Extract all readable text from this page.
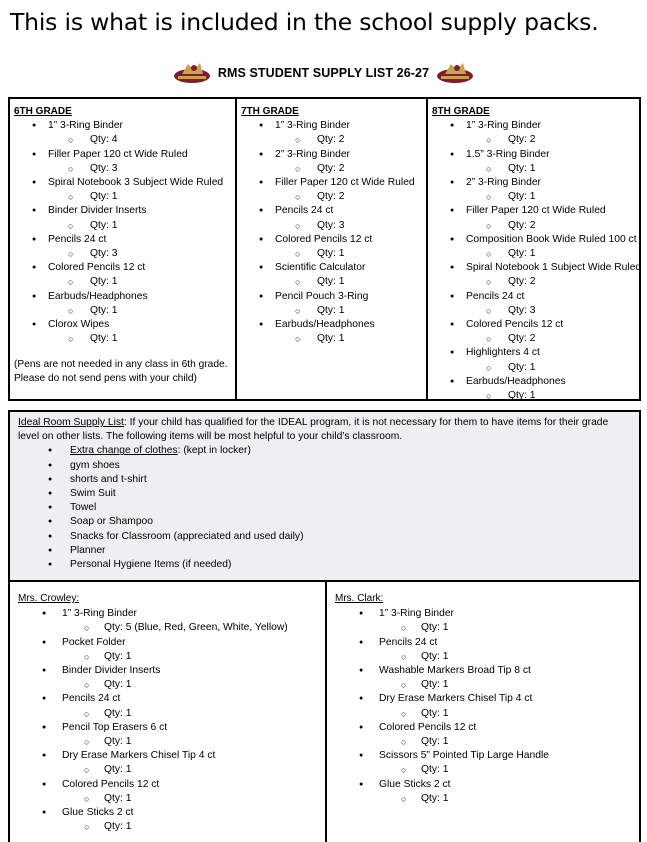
This is what is included in the school supply packs.
RMS STUDENT SUPPLY LIST 26-27
6TH GRADE
● 1” 3-Ring Binder
○ Qty: 4
● Filler Paper 120 ct Wide Ruled
○ Qty: 3
● Spiral Notebook 3 Subject Wide Ruled
○ Qty: 1
● Binder Divider Inserts
○ Qty: 1
● Pencils 24 ct
○ Qty: 3
● Colored Pencils 12 ct
○ Qty: 1
● Earbuds/Headphones
○ Qty: 1
● Clorox Wipes
○ Qty: 1
(Pens are not needed in any class in 6th grade.
Please do not send pens with your child)
7TH GRADE
● 1” 3-Ring Binder
○ Qty: 2
● 2” 3-Ring Binder
○ Qty: 2
● Filler Paper 120 ct Wide Ruled
○ Qty: 2
● Pencils 24 ct
○ Qty: 3
● Colored Pencils 12 ct
○ Qty: 1
● Scientific Calculator
○ Qty: 1
● Pencil Pouch 3-Ring
○ Qty: 1
● Earbuds/Headphones
○ Qty: 1
8TH GRADE
● 1” 3-Ring Binder
○ Qty: 2
● 1.5” 3-Ring Binder
○ Qty: 1
● 2” 3-Ring Binder
○ Qty: 1
● Filler Paper 120 ct Wide Ruled
○ Qty: 2
● Composition Book Wide Ruled 100 ct
○ Qty: 1
● Spiral Notebook 1 Subject Wide Ruled
○ Qty: 2
● Pencils 24 ct
○ Qty: 3
● Colored Pencils 12 ct
○ Qty: 2
● Highlighters 4 ct
○ Qty: 1
● Earbuds/Headphones
○ Qty: 1
Ideal Room Supply List: If your child has qualified for the IDEAL program, it is not necessary for them to have items for their grade
level on other lists. The following items will be most helpful to your child’s classroom.
● Extra change of clothes: (kept in locker)
● gym shoes
● shorts and t-shirt
● Swim Suit
● Towel
● Soap or Shampoo
● Snacks for Classroom (appreciated and used daily)
● Planner
● Personal Hygiene Items (if needed)
Mrs. Crowley:
● 1” 3-Ring Binder
○ Qty: 5 (Blue, Red, Green, White, Yellow)
● Pocket Folder
○ Qty: 1
● Binder Divider Inserts
○ Qty: 1
● Pencils 24 ct
○ Qty: 1
● Pencil Top Erasers 6 ct
○ Qty: 1
● Dry Erase Markers Chisel Tip 4 ct
○ Qty: 1
● Colored Pencils 12 ct
○ Qty: 1
● Glue Sticks 2 ct
○ Qty: 1
Mrs. Clark:
● 1” 3-Ring Binder
○ Qty: 1
● Pencils 24 ct
○ Qty: 1
● Washable Markers Broad Tip 8 ct
○ Qty: 1
● Dry Erase Markers Chisel Tip 4 ct
○ Qty: 1
● Colored Pencils 12 ct
○ Qty: 1
● Scissors 5” Pointed Tip Large Handle
○ Qty: 1
● Glue Sticks 2 ct
○ Qty: 1
